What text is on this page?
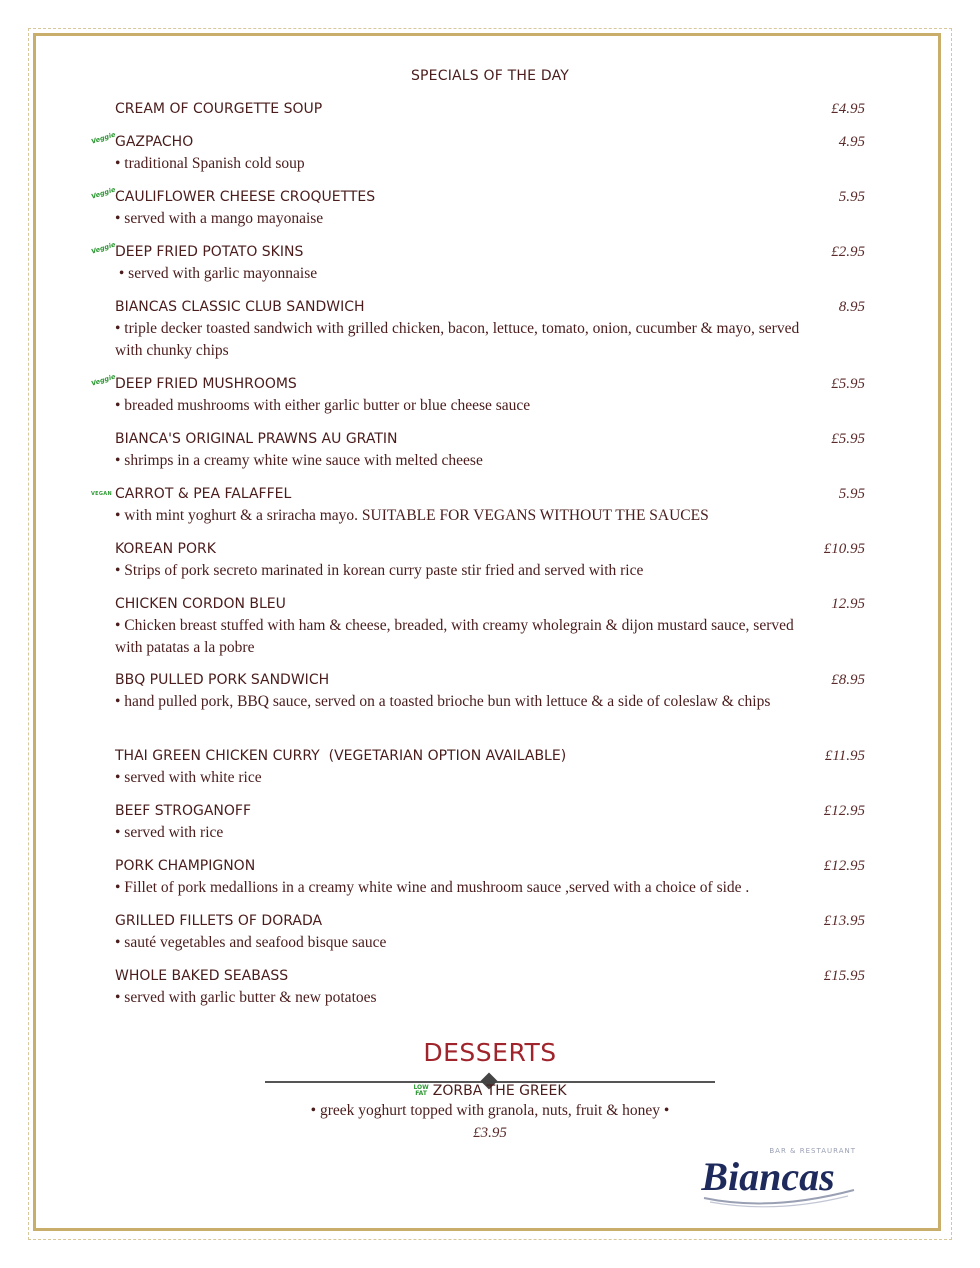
SPECIALS OF THE DAY
CREAM OF COURGETTE SOUP	£4.95
Veggie
GAZPACHO
• traditional Spanish cold soup
4.95
Veggie
CAULIFLOWER CHEESE CROQUETTES
• served with a mango mayonaise
5.95
Veggie
DEEP FRIED POTATO SKINS
• served with garlic mayonnaise
£2.95
BIANCAS CLASSIC CLUB SANDWICH
• triple decker toasted sandwich with grilled chicken, bacon, lettuce, tomato, onion, cucumber & mayo, served with chunky chips
8.95
Veggie
DEEP FRIED MUSHROOMS
• breaded mushrooms with either garlic butter or blue cheese sauce
£5.95
BIANCA'S ORIGINAL PRAWNS AU GRATIN
• shrimps in a creamy white wine sauce with melted cheese
£5.95
VEGAN CARROT & PEA FALAFFEL
• with mint yoghurt & a sriracha mayo. SUITABLE FOR VEGANS WITHOUT THE SAUCES
5.95
KOREAN PORK
• Strips of pork secreto marinated in korean curry paste stir fried and served with rice
£10.95
CHICKEN CORDON BLEU
• Chicken breast stuffed with ham & cheese, breaded, with creamy wholegrain & dijon mustard sauce, served with patatas a la pobre
12.95
BBQ PULLED PORK SANDWICH
• hand pulled pork, BBQ sauce, served on a toasted brioche bun with lettuce & a side of coleslaw & chips
£8.95
THAI GREEN CHICKEN CURRY  (VEGETARIAN OPTION AVAILABLE)
• served with white rice
£11.95
BEEF STROGANOFF
• served with rice
£12.95
PORK CHAMPIGNON
• Fillet of pork medallions in a creamy white wine and mushroom sauce ,served with a choice of side .
£12.95
GRILLED FILLETS OF DORADA
• sauté vegetables and seafood bisque sauce
£13.95
WHOLE BAKED SEABASS
• served with garlic butter & new potatoes
£15.95
DESSERTS
LOW
FAT ZORBA THE GREEK
• greek yoghurt topped with granola, nuts, fruit & honey •
£3.95
BAR & RESTAURANT
Biancas
